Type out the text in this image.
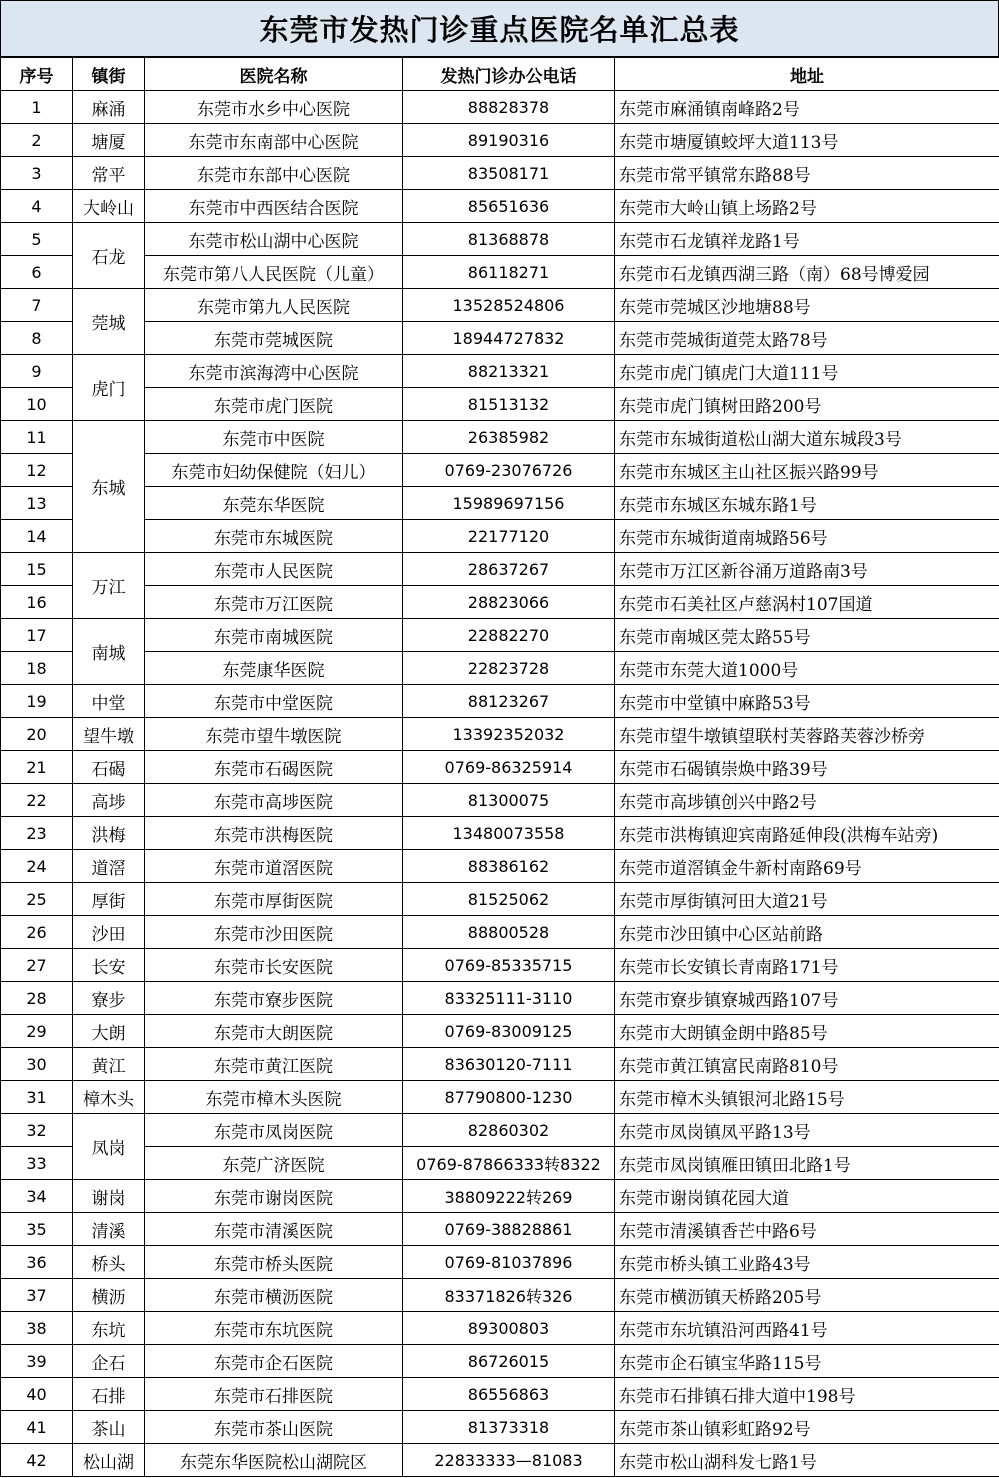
东莞市发热门诊重点医院名单汇总表
序号	镇街	医院名称	发热门诊办公电话	地址
1	麻涌	东莞市水乡中心医院	88828378	东莞市麻涌镇南峰路2号
2	塘厦	东莞市东南部中心医院	89190316	东莞市塘厦镇蛟坪大道113号
3	常平	东莞市东部中心医院	83508171	东莞市常平镇常东路88号
4	大岭山	东莞市中西医结合医院	85651636	东莞市大岭山镇上场路2号
5	石龙	东莞市松山湖中心医院	81368878	东莞市石龙镇祥龙路1号
6		东莞市第八人民医院（儿童）	86118271	东莞市石龙镇西湖三路（南）68号博爱园
7	莞城	东莞市第九人民医院	13528524806	东莞市莞城区沙地塘88号
8		东莞市莞城医院	18944727832	东莞市莞城街道莞太路78号
9	虎门	东莞市滨海湾中心医院	88213321	东莞市虎门镇虎门大道111号
10		东莞市虎门医院	81513132	东莞市虎门镇树田路200号
11	东城	东莞市中医院	26385982	东莞市东城街道松山湖大道东城段3号
12		东莞市妇幼保健院（妇儿）	0769-23076726	东莞市东城区主山社区振兴路99号
13		东莞东华医院	15989697156	东莞市东城区东城东路1号
14		东莞市东城医院	22177120	东莞市东城街道南城路56号
15	万江	东莞市人民医院	28637267	东莞市万江区新谷涌万道路南3号
16		东莞市万江医院	28823066	东莞市石美社区卢慈涡村107国道
17	南城	东莞市南城医院	22882270	东莞市南城区莞太路55号
18		东莞康华医院	22823728	东莞市东莞大道1000号
19	中堂	东莞市中堂医院	88123267	东莞市中堂镇中麻路53号
20	望牛墩	东莞市望牛墩医院	13392352032	东莞市望牛墩镇望联村芙蓉路芙蓉沙桥旁
21	石碣	东莞市石碣医院	0769-86325914	东莞市石碣镇崇焕中路39号
22	高埗	东莞市高埗医院	81300075	东莞市高埗镇创兴中路2号
23	洪梅	东莞市洪梅医院	13480073558	东莞市洪梅镇迎宾南路延伸段(洪梅车站旁)
24	道滘	东莞市道滘医院	88386162	东莞市道滘镇金牛新村南路69号
25	厚街	东莞市厚街医院	81525062	东莞市厚街镇河田大道21号
26	沙田	东莞市沙田医院	88800528	东莞市沙田镇中心区站前路
27	长安	东莞市长安医院	0769-85335715	东莞市长安镇长青南路171号
28	寮步	东莞市寮步医院	83325111-3110	东莞市寮步镇寮城西路107号
29	大朗	东莞市大朗医院	0769-83009125	东莞市大朗镇金朗中路85号
30	黄江	东莞市黄江医院	83630120-7111	东莞市黄江镇富民南路810号
31	樟木头	东莞市樟木头医院	87790800-1230	东莞市樟木头镇银河北路15号
32	凤岗	东莞市凤岗医院	82860302	东莞市凤岗镇凤平路13号
33		东莞广济医院	0769-87866333转8322	东莞市凤岗镇雁田镇田北路1号
34	谢岗	东莞市谢岗医院	38809222转269	东莞市谢岗镇花园大道
35	清溪	东莞市清溪医院	0769-38828861	东莞市清溪镇香芒中路6号
36	桥头	东莞市桥头医院	0769-81037896	东莞市桥头镇工业路43号
37	横沥	东莞市横沥医院	83371826转326	东莞市横沥镇天桥路205号
38	东坑	东莞市东坑医院	89300803	东莞市东坑镇沿河西路41号
39	企石	东莞市企石医院	86726015	东莞市企石镇宝华路115号
40	石排	东莞市石排医院	86556863	东莞市石排镇石排大道中198号
41	茶山	东莞市茶山医院	81373318	东莞市茶山镇彩虹路92号
42	松山湖	东莞东华医院松山湖院区	22833333—81083	东莞市松山湖科发七路1号
